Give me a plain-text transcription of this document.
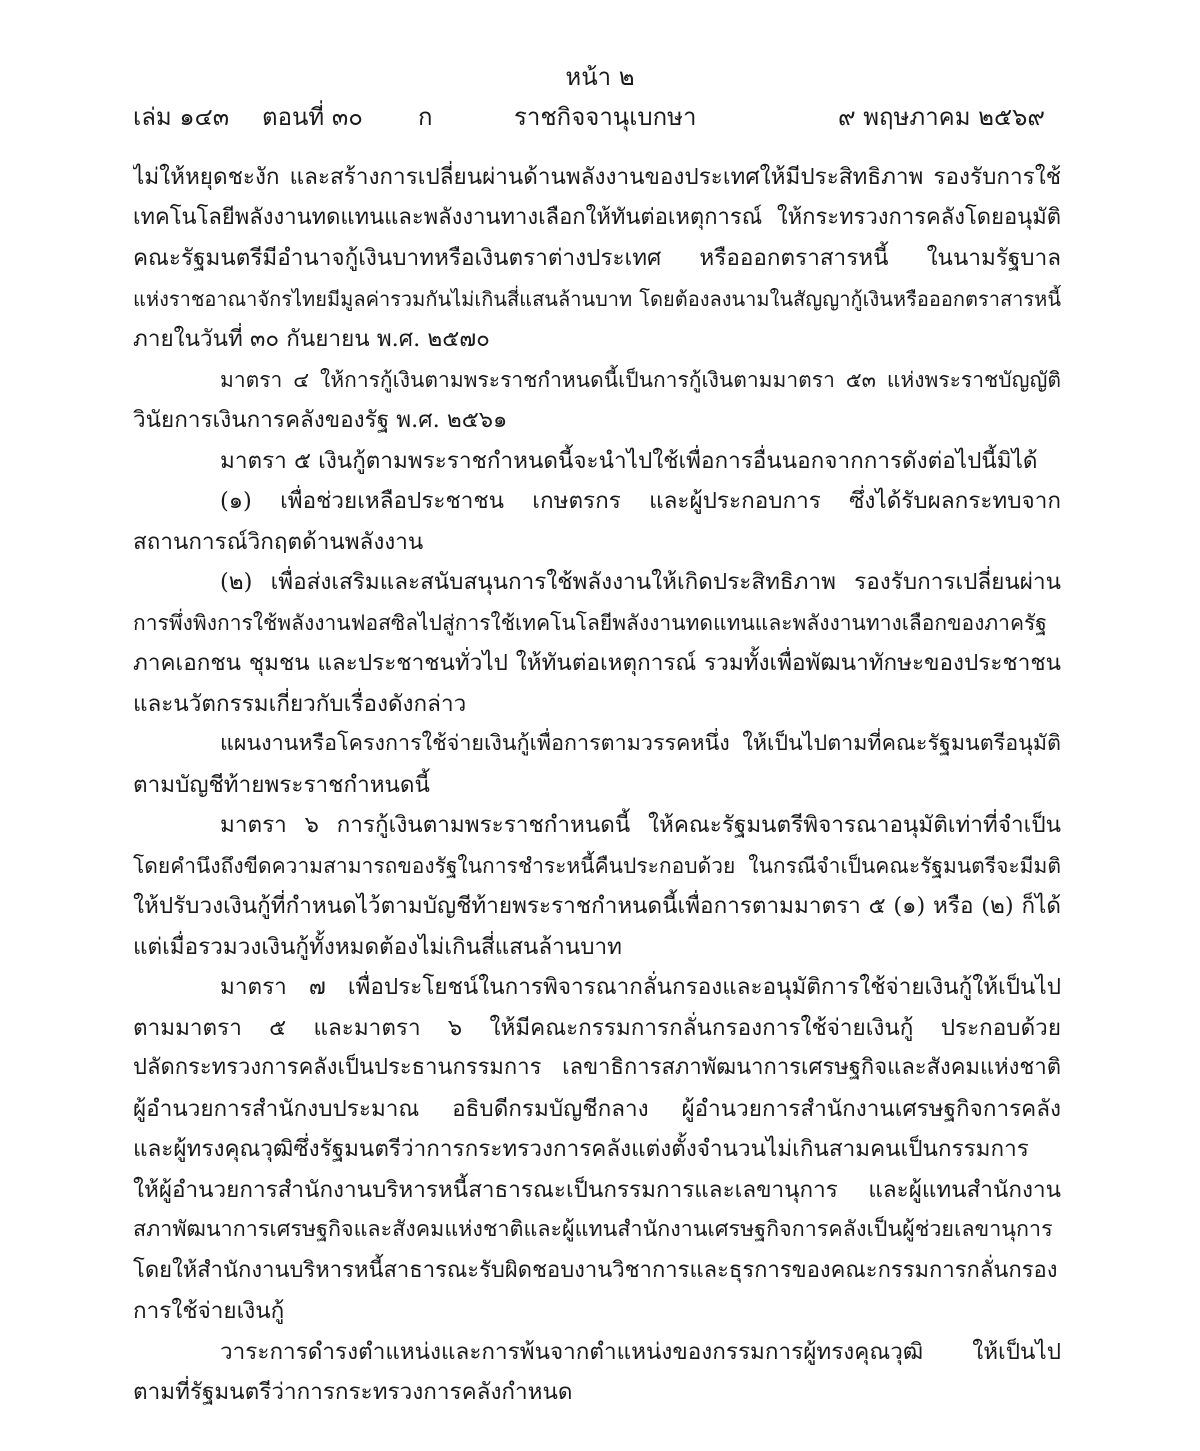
หน้า ๒
เล่ม ๑๔๓ ตอนที่ ๓๐ ก	ราชกิจจานุเบกษา	๙ พฤษภาคม ๒๕๖๙
ไม่ให้หยุดชะงัก และสร้างการเปลี่ยนผ่านด้านพลังงานของประเทศให้มีประสิทธิภาพ รองรับการใช้
เทคโนโลยีพลังงานทดแทนและพลังงานทางเลือกให้ทันต่อเหตุการณ์ ให้กระทรวงการคลังโดยอนุมัติ
คณะรัฐมนตรีมีอำนาจกู้เงินบาทหรือเงินตราต่างประเทศ หรือออกตราสารหนี้ ในนามรัฐบาล
แห่งราชอาณาจักรไทยมีมูลค่ารวมกันไม่เกินสี่แสนล้านบาท โดยต้องลงนามในสัญญากู้เงินหรือออกตราสารหนี้
ภายในวันที่ ๓๐ กันยายน พ.ศ. ๒๕๗๐
มาตรา ๔ ให้การกู้เงินตามพระราชกำหนดนี้เป็นการกู้เงินตามมาตรา ๕๓ แห่งพระราชบัญญัติ
วินัยการเงินการคลังของรัฐ พ.ศ. ๒๕๖๑
มาตรา ๕ เงินกู้ตามพระราชกำหนดนี้จะนำไปใช้เพื่อการอื่นนอกจากการดังต่อไปนี้มิได้
(๑) เพื่อช่วยเหลือประชาชน เกษตรกร และผู้ประกอบการ ซึ่งได้รับผลกระทบจาก
สถานการณ์วิกฤตด้านพลังงาน
(๒) เพื่อส่งเสริมและสนับสนุนการใช้พลังงานให้เกิดประสิทธิภาพ รองรับการเปลี่ยนผ่าน
การพึ่งพิงการใช้พลังงานฟอสซิลไปสู่การใช้เทคโนโลยีพลังงานทดแทนและพลังงานทางเลือกของภาครัฐ
ภาคเอกชน ชุมชน และประชาชนทั่วไป ให้ทันต่อเหตุการณ์ รวมทั้งเพื่อพัฒนาทักษะของประชาชน
และนวัตกรรมเกี่ยวกับเรื่องดังกล่าว
แผนงานหรือโครงการใช้จ่ายเงินกู้เพื่อการตามวรรคหนึ่ง ให้เป็นไปตามที่คณะรัฐมนตรีอนุมัติ
ตามบัญชีท้ายพระราชกำหนดนี้
มาตรา ๖ การกู้เงินตามพระราชกำหนดนี้ ให้คณะรัฐมนตรีพิจารณาอนุมัติเท่าที่จำเป็น
โดยคำนึงถึงขีดความสามารถของรัฐในการชำระหนี้คืนประกอบด้วย ในกรณีจำเป็นคณะรัฐมนตรีจะมีมติ
ให้ปรับวงเงินกู้ที่กำหนดไว้ตามบัญชีท้ายพระราชกำหนดนี้เพื่อการตามมาตรา ๕ (๑) หรือ (๒) ก็ได้
แต่เมื่อรวมวงเงินกู้ทั้งหมดต้องไม่เกินสี่แสนล้านบาท
มาตรา ๗ เพื่อประโยชน์ในการพิจารณากลั่นกรองและอนุมัติการใช้จ่ายเงินกู้ให้เป็นไป
ตามมาตรา ๕ และมาตรา ๖ ให้มีคณะกรรมการกลั่นกรองการใช้จ่ายเงินกู้ ประกอบด้วย
ปลัดกระทรวงการคลังเป็นประธานกรรมการ เลขาธิการสภาพัฒนาการเศรษฐกิจและสังคมแห่งชาติ
ผู้อำนวยการสำนักงบประมาณ อธิบดีกรมบัญชีกลาง ผู้อำนวยการสำนักงานเศรษฐกิจการคลัง
และผู้ทรงคุณวุฒิซึ่งรัฐมนตรีว่าการกระทรวงการคลังแต่งตั้งจำนวนไม่เกินสามคนเป็นกรรมการ
ให้ผู้อำนวยการสำนักงานบริหารหนี้สาธารณะเป็นกรรมการและเลขานุการ และผู้แทนสำนักงาน
สภาพัฒนาการเศรษฐกิจและสังคมแห่งชาติและผู้แทนสำนักงานเศรษฐกิจการคลังเป็นผู้ช่วยเลขานุการ
โดยให้สำนักงานบริหารหนี้สาธารณะรับผิดชอบงานวิชาการและธุรการของคณะกรรมการกลั่นกรอง
การใช้จ่ายเงินกู้
วาระการดำรงตำแหน่งและการพ้นจากตำแหน่งของกรรมการผู้ทรงคุณวุฒิ ให้เป็นไป
ตามที่รัฐมนตรีว่าการกระทรวงการคลังกำหนด
